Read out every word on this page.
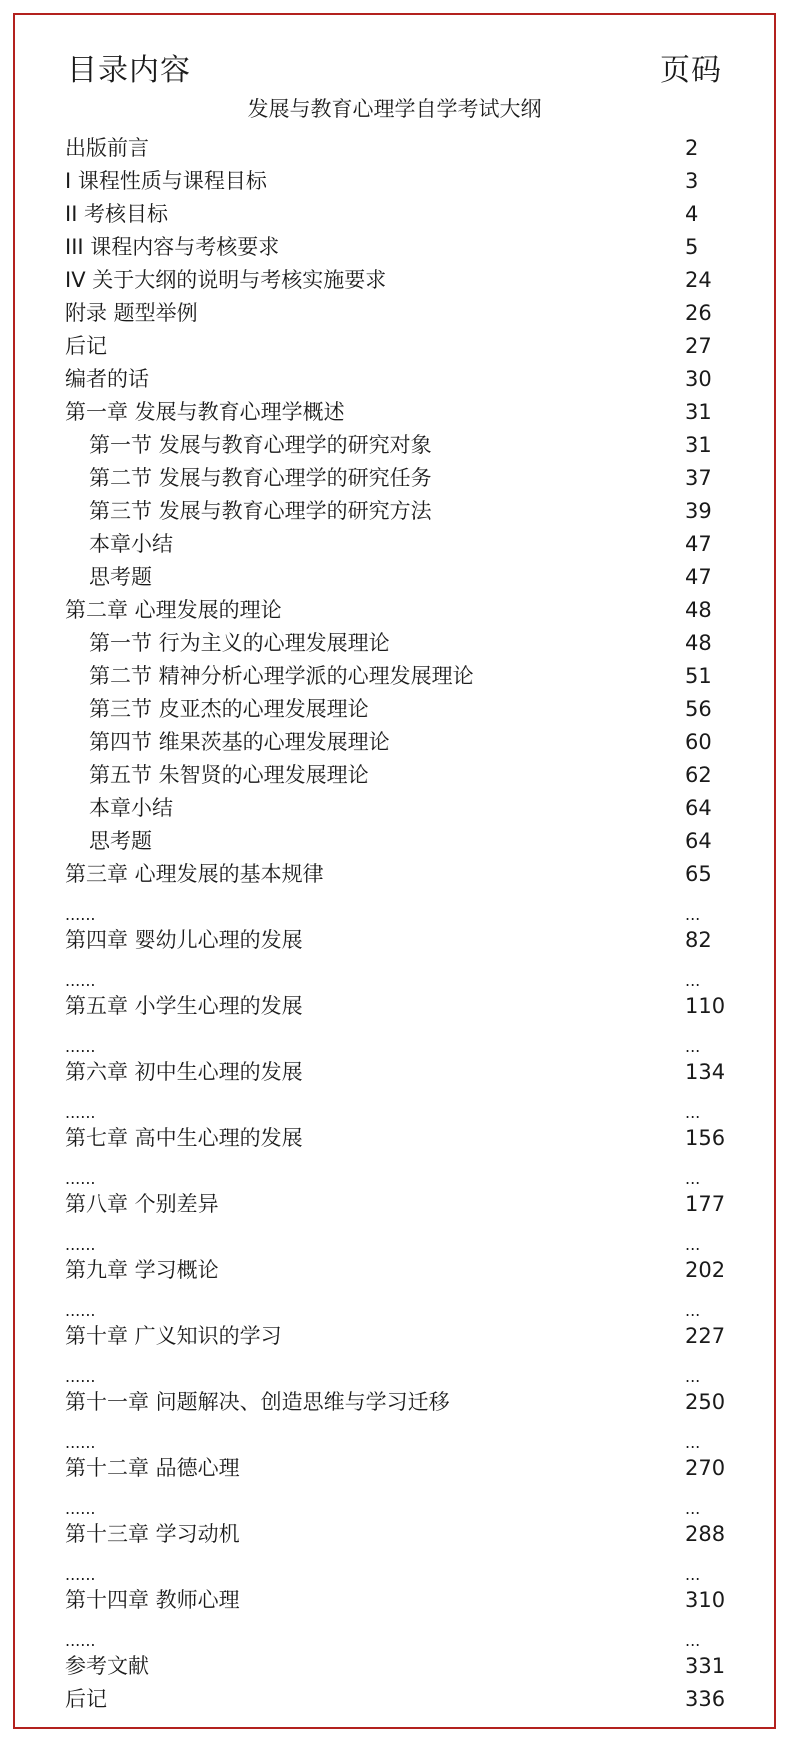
目录内容	页码
发展与教育心理学自学考试大纲
出版前言	2
I 课程性质与课程目标	3
II 考核目标	4
III 课程内容与考核要求	5
IV 关于大纲的说明与考核实施要求	24
附录 题型举例	26
后记	27
编者的话	30
第一章 发展与教育心理学概述	31
第一节 发展与教育心理学的研究对象	31
第二节 发展与教育心理学的研究任务	37
第三节 发展与教育心理学的研究方法	39
本章小结	47
思考题	47
第二章 心理发展的理论	48
第一节 行为主义的心理发展理论	48
第二节 精神分析心理学派的心理发展理论	51
第三节 皮亚杰的心理发展理论	56
第四节 维果茨基的心理发展理论	60
第五节 朱智贤的心理发展理论	62
本章小结	64
思考题	64
第三章 心理发展的基本规律	65
......	...
第四章 婴幼儿心理的发展	82
......	...
第五章 小学生心理的发展	110
......	...
第六章 初中生心理的发展	134
......	...
第七章 高中生心理的发展	156
......	...
第八章 个别差异	177
......	...
第九章 学习概论	202
......	...
第十章 广义知识的学习	227
......	...
第十一章 问题解决、创造思维与学习迁移	250
......	...
第十二章 品德心理	270
......	...
第十三章 学习动机	288
......	...
第十四章 教师心理	310
......	...
参考文献	331
后记	336
